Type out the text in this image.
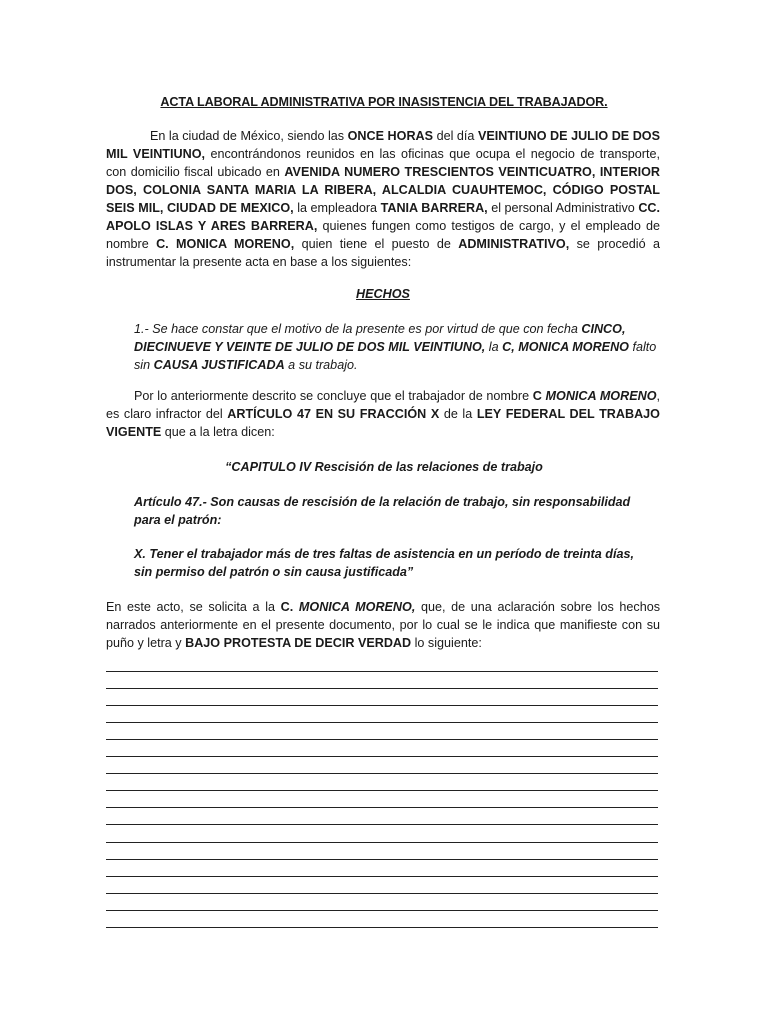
ACTA LABORAL ADMINISTRATIVA POR INASISTENCIA DEL TRABAJADOR.
En la ciudad de México, siendo las ONCE HORAS del día VEINTIUNO DE JULIO DE DOS MIL VEINTIUNO, encontrándonos reunidos en las oficinas que ocupa el negocio de transporte, con domicilio fiscal ubicado en AVENIDA NUMERO TRESCIENTOS VEINTICUATRO, INTERIOR DOS, COLONIA SANTA MARIA LA RIBERA, ALCALDIA CUAUHTEMOC, CÓDIGO POSTAL SEIS MIL, CIUDAD DE MEXICO, la empleadora TANIA BARRERA, el personal Administrativo CC. APOLO ISLAS Y ARES BARRERA, quienes fungen como testigos de cargo, y el empleado de nombre C. MONICA MORENO, quien tiene el puesto de ADMINISTRATIVO, se procedió a instrumentar la presente acta en base a los siguientes:
HECHOS
1.- Se hace constar que el motivo de la presente es por virtud de que con fecha CINCO, DIECINUEVE Y VEINTE DE JULIO DE DOS MIL VEINTIUNO, la C, MONICA MORENO falto sin CAUSA JUSTIFICADA a su trabajo.
Por lo anteriormente descrito se concluye que el trabajador de nombre C MONICA MORENO, es claro infractor del ARTÍCULO 47 EN SU FRACCIÓN X de la LEY FEDERAL DEL TRABAJO VIGENTE que a la letra dicen:
“CAPITULO IV Rescisión de las relaciones de trabajo
Artículo 47.- Son causas de rescisión de la relación de trabajo, sin responsabilidad para el patrón:
X. Tener el trabajador más de tres faltas de asistencia en un período de treinta días, sin permiso del patrón o sin causa justificada”
En este acto, se solicita a la C. MONICA MORENO, que, de una aclaración sobre los hechos narrados anteriormente en el presente documento, por lo cual se le indica que manifieste con su puño y letra y BAJO PROTESTA DE DECIR VERDAD lo siguiente:
